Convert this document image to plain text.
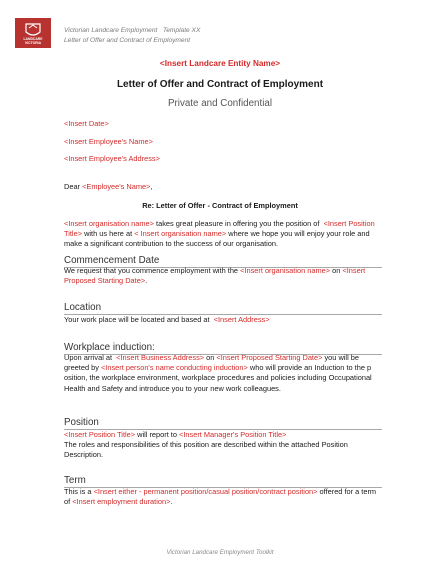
LANDCARE
VICTORIA
Victorian Landcare Employment   Template XX
Letter of Offer and Contract of Employment
<Insert Landcare Entity Name>
Letter of Offer and Contract of Employment
Private and Confidential
<Insert Date>
<Insert Employee's Name>
<Insert Employee's Address>
Dear <Employee's Name>,
Re: Letter of Offer - Contract of Employment
<Insert organisation name> takes great pleasure in offering you the position of  <Insert Position Title> with us here at < Insert organisation name> where we hope you will enjoy your role and make a significant contribution to the success of our organisation.
Commencement Date
We request that you commence employment with the <Insert organisation name> on <Insert Proposed Starting Date>.
Location
Your work place will be located and based at  <Insert Address>
Workplace induction:
Upon arrival at  <Insert Business Address> on <Insert Proposed Starting Date> you will be greeted by <Insert person's name conducting induction> who will provide an Induction to the p osition, the workplace environment, workplace procedures and policies including Occupational Health and Safety and introduce you to your new work colleagues.
Position
<Insert Position Title> will report to <Insert Manager's Position Title>
The roles and responsibilities of this position are described within the attached Position Description.
Term
This is a <Insert either - permanent position/casual position/contract position> offered for a term of <Insert employment duration>.
Victorian Landcare Employment Toolkit
